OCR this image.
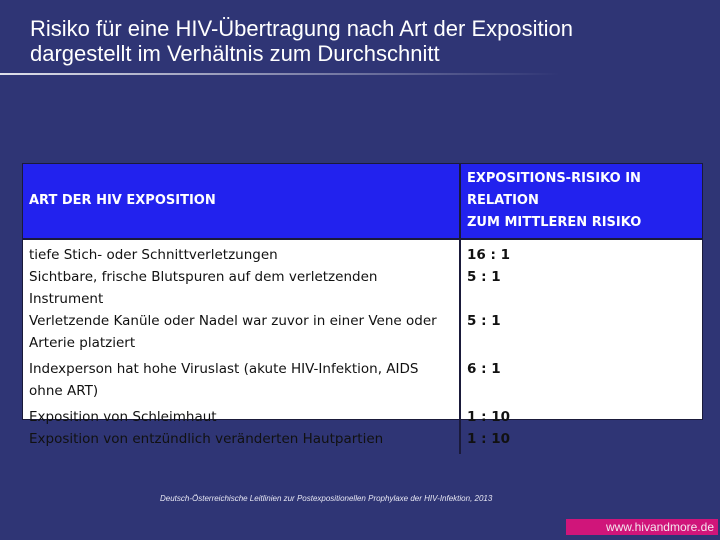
Risiko für eine HIV-Übertragung nach Art der Exposition
dargestellt im Verhältnis zum Durchschnitt
ART DER HIV EXPOSITION	EXPOSITIONS-RISIKO IN RELATION
ZUM MITTLEREN RISIKO

tiefe Stich- oder Schnittverletzungen	16 : 1
Sichtbare, frische Blutspuren auf dem verletzenden Instrument	5 : 1
Verletzende Kanüle oder Nadel war zuvor in einer Vene oder Arterie platziert	5 : 1
Indexperson hat hohe Viruslast (akute HIV-Infektion, AIDS ohne ART)	6 : 1
Exposition von Schleimhaut	1 : 10
Exposition von entzündlich veränderten Hautpartien	1 : 10

Deutsch-Österreichische Leitlinien zur Postexpositionellen Prophylaxe der HIV-Infektion, 2013
www.hivandmore.de
